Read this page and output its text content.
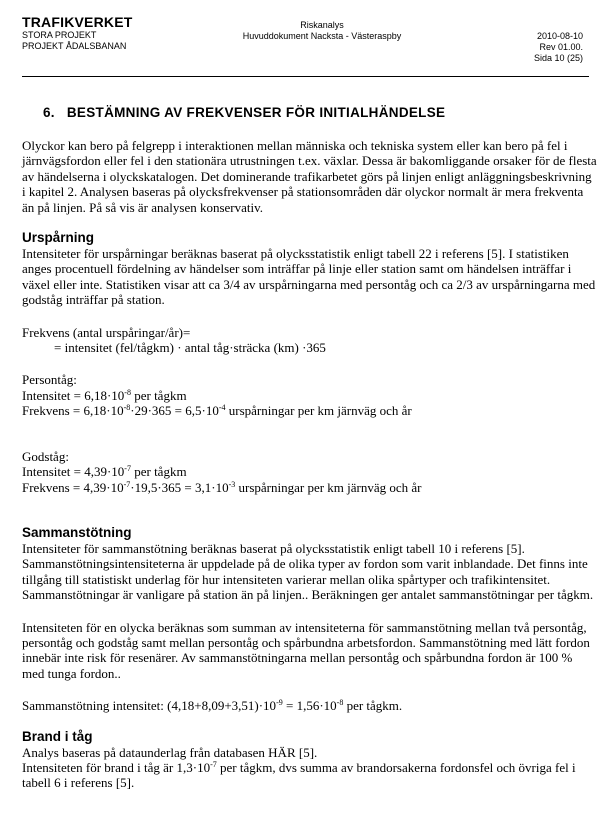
TRAFIKVERKET
STORA PROJEKT
PROJEKT ÅDALSBANAN
Riskanalys
Huvuddokument Nacksta - Västeraspby	2010-08-10
Rev 01.00.
Sida 10 (25)
6. BESTÄMNING AV FREKVENSER FÖR INITIALHÄNDELSE

Olyckor kan bero på felgrepp i interaktionen mellan människa och tekniska system eller kan bero på fel i järnvägsfordon eller fel i den stationära utrustningen t.ex. växlar. Dessa är bakomliggande orsaker för de flesta av händelserna i olyckskatalogen. Det dominerande trafikarbetet görs på linjen enligt anläggningsbeskrivning i kapitel 2. Analysen baseras på olycksfrekvenser på stationsområden där olyckor normalt är mera frekventa än på linjen. På så vis är analysen konservativ.

Urspårning

Intensiteter för urspårningar beräknas baserat på olycksstatistik enligt tabell 22 i referens [5]. I statistiken anges procentuell fördelning av händelser som inträffar på linje eller station samt om händelsen inträffar i växel eller inte. Statistiken visar att ca 3/4 av urspårningarna med persontåg och ca 2/3 av urspårningarna med godståg inträffar på station.

Frekvens (antal urspåringar/år)=

= intensitet (fel/tågkm) · antal tåg·sträcka (km) ·365

Persontåg:

Intensitet = $6,18\cdot 10^{-8}$ per tågkm

Frekvens = $6,18\cdot 10^{-8}\cdot 29\cdot 365 = 6,5\cdot 10^{-4}$ urspårningar per km järnväg och år

Godståg:

Intensitet = $4,39\cdot 10^{-7}$ per tågkm

Frekvens = $4,39\cdot 10^{-7}\cdot 19,5\cdot 365 = 3,1\cdot 10^{-3}$ urspårningar per km järnväg och år

Sammanstötning

Intensiteter för sammanstötning beräknas baserat på olycksstatistik enligt tabell 10 i referens [5]. Sammanstötningsintensiteterna är uppdelade på de olika typer av fordon som varit inblandade. Det finns inte tillgång till statistiskt underlag för hur intensiteten varierar mellan olika spårtyper och trafikintensitet. Sammanstötningar är vanligare på station än på linjen.. Beräkningen ger antalet sammanstötningar per tågkm.

Intensiteten för en olycka beräknas som summan av intensiteterna för sammanstötning mellan två persontåg, persontåg och godståg samt mellan persontåg och spårbundna arbetsfordon. Sammanstötning med lätt fordon innebär inte risk för resenärer. Av sammanstötningarna mellan persontåg och spårbundna fordon är 100 % med tunga fordon..

Sammanstötning intensitet: $(4,18+8,09+3,51)\cdot 10^{-9} = 1,56\cdot 10^{-8}$ per tågkm.

Brand i tåg

Analys baseras på dataunderlag från databasen HÄR [5].

Intensiteten för brand i tåg är $1,3\cdot 10^{-7}$ per tågkm, dvs summa av brandorsakerna fordonsfel och övriga fel i tabell 6 i referens [5].
